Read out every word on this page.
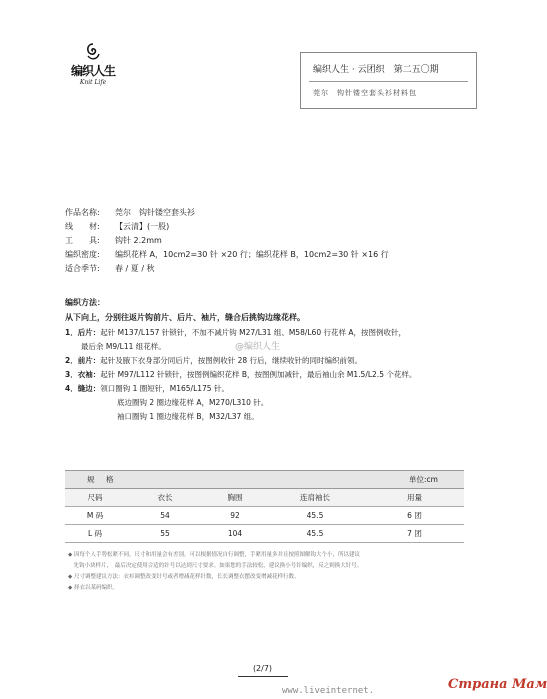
编织人生
Knit Life
编织人生 · 云团织　第二五〇期
莞尔　钩针镂空套头衫材料包
作品名称: 莞尔　钩针镂空套头衫
线　　材: 【云清】(一股)
工　　具: 钩针 2.2mm
编织密度: 编织花样 A，10cm2=30 针 ×20 行；编织花样 B，10cm2=30 针 ×16 行
适合季节: 春 / 夏 / 秋
编织方法：
从下向上，分别往返片钩前片、后片、袖片，缝合后挑钩边缘花样。
1．后片：起针 M137/L157 针锁针，不加不减片钩 M27/L31 组、M58/L60 行花样 A，按图例收针，
最后余 M9/L11 组花样。
2．前片：起针及腋下衣身部分同后片，按图例收针 28 行后，继续收针的同时编织前领。
3．衣袖：起针 M97/L112 针锁针，按图例编织花样 B，按图例加减针，最后袖山余 M1.5/L2.5 个花样。
4．缝边：领口圈钩 1 圈短针，M165/L175 针。
底边圈钩 2 圈边缘花样 A，M270/L310 针。
袖口圈钩 1 圈边缘花样 B，M32/L37 组。
@编织人生
规　格	单位:cm
尺码	衣长	胸围	连肩袖长	用量
M 码	54	92	45.5	6 团
L 码	55	104	45.5	7 团
◆ 因每个人手势松紧不同，尺寸和用量会有差别。可以根据情况自行调整，手紧用量多并且按照图解钩大个小，所以建议
　先钩小块样片，　最后决定使用合适的针号以达到尺寸要求。如果您的手法较松，建议换小号针编织，反之则换大针号。
◆ 尺寸调整建议方法：衣衫调整改变针号或者增减花样针数，长长调整衣摆改变增减花样行数。
◆ 择衣以某码编织。
(2/7)
www.liveinternet.	Страна Мам
